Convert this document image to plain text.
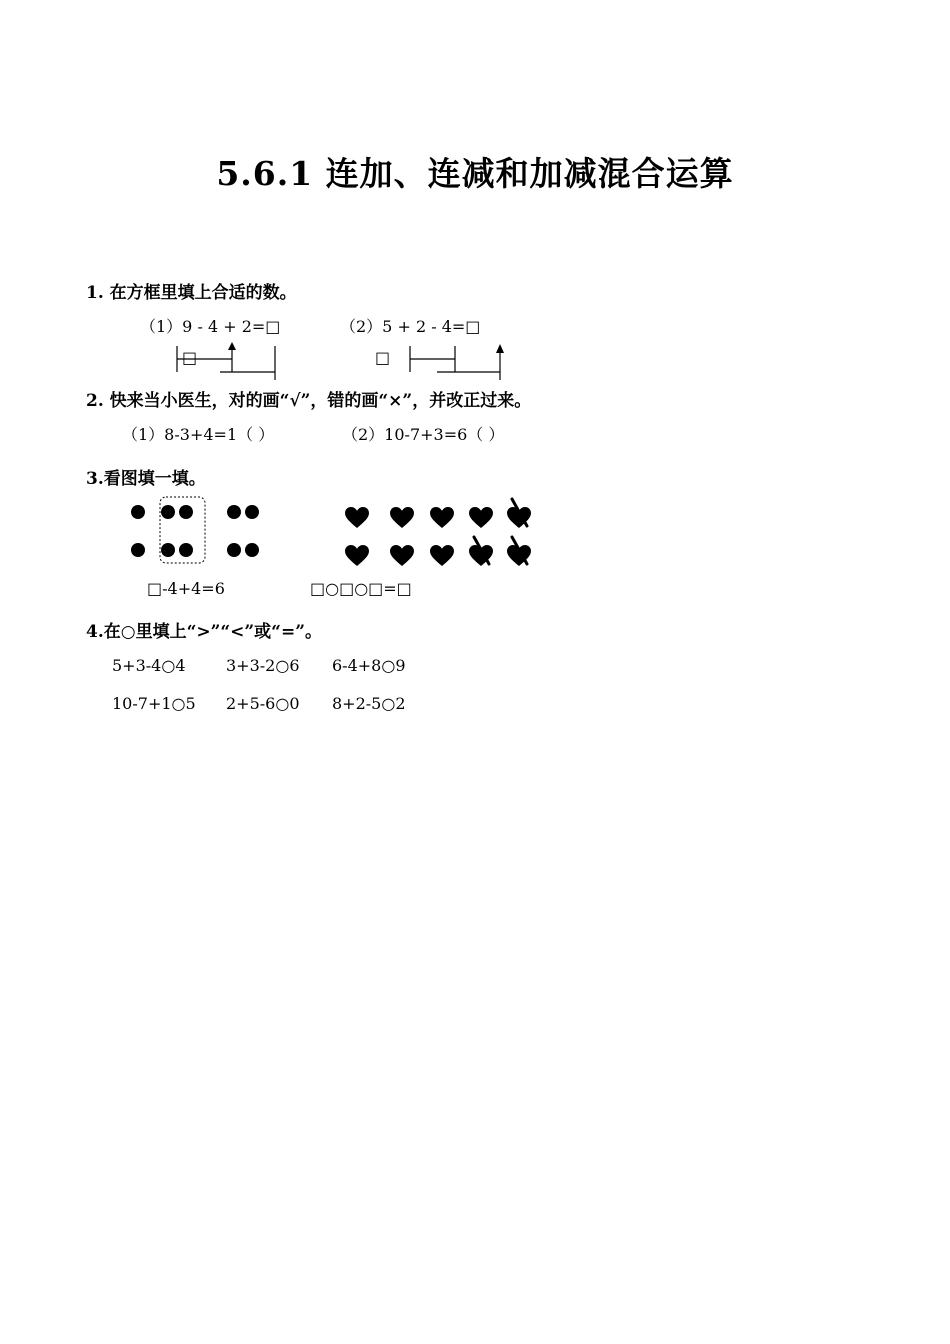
5.6.1 连加、连减和加减混合运算
1. 在方框里填上合适的数。
（1）9 - 4 + 2=□	（2）5 + 2 - 4=□
□	□
2. 快来当小医生，对的画“√”，错的画“×”，并改正过来。
（1）8-3+4=1（ ）	（2）10-7+3=6（ ）
3.看图填一填。
□-4+4=6	□○□○□=□
4.在○里填上“>”“<”或“=”。
5+3-4○4	3+3-2○6 6-4+8○9
10-7+1○5 2+5-6○0 8+2-5○2
